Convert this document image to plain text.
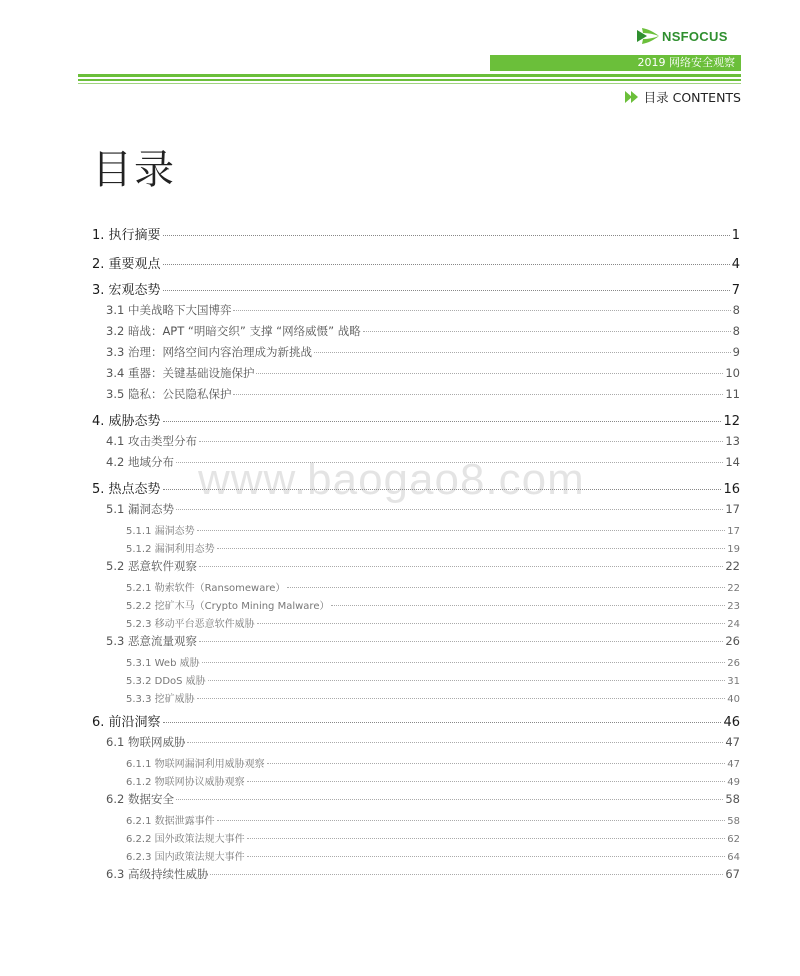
NSFOCUS
2019 网络安全观察
目录 CONTENTS
目录
www.baogao8.com
1. 执行摘要	1
2. 重要观点	4
3. 宏观态势	7
3.1 中美战略下大国博弈	8
3.2 暗战：APT “明暗交织” 支撑 “网络威慑” 战略	8
3.3 治理：网络空间内容治理成为新挑战	9
3.4 重器：关键基础设施保护	10
3.5 隐私：公民隐私保护	11
4. 威胁态势	12
4.1 攻击类型分布	13
4.2 地域分布	14
5. 热点态势	16
5.1 漏洞态势	17
5.1.1 漏洞态势	17
5.1.2 漏洞利用态势	19
5.2 恶意软件观察	22
5.2.1 勒索软件（Ransomeware）	22
5.2.2 挖矿木马（Crypto Mining Malware）	23
5.2.3 移动平台恶意软件威胁	24
5.3 恶意流量观察	26
5.3.1 Web 威胁	26
5.3.2 DDoS 威胁	31
5.3.3 挖矿威胁	40
6. 前沿洞察	46
6.1 物联网威胁	47
6.1.1 物联网漏洞利用威胁观察	47
6.1.2 物联网协议威胁观察	49
6.2 数据安全	58
6.2.1 数据泄露事件	58
6.2.2 国外政策法规大事件	62
6.2.3 国内政策法规大事件	64
6.3 高级持续性威胁	67
